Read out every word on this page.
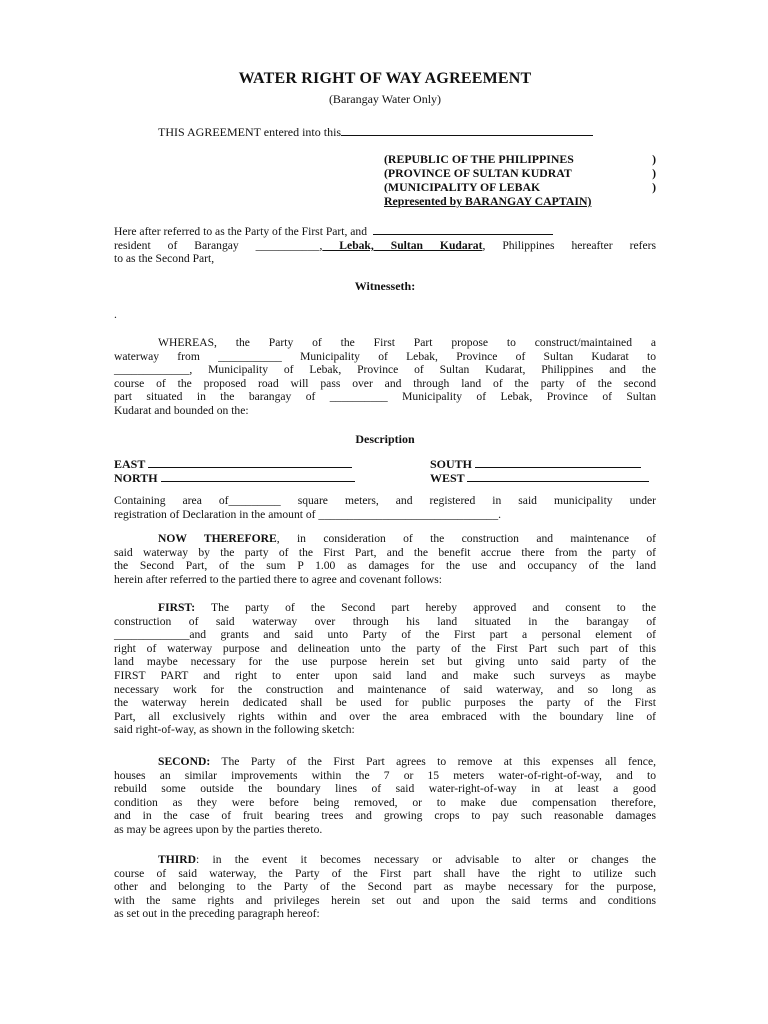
WATER RIGHT OF WAY AGREEMENT
(Barangay Water Only)
THIS AGREEMENT entered into this
(REPUBLIC OF THE PHILIPPINES	)
(PROVINCE OF SULTAN KUDRAT	)
(MUNICIPALITY OF LEBAK	)
Represented by BARANGAY CAPTAIN)
Here after referred to as the Party of the First Part, and
resident of Barangay ___________, Lebak, Sultan Kudarat, Philippines hereafter refers
to as the Second Part,
Witnesseth:
.
WHEREAS, the Party of the First Part propose to construct/maintained a
waterway from ___________ Municipality of Lebak, Province of Sultan Kudarat to
_____________, Municipality of Lebak, Province of Sultan Kudarat, Philippines and the
course of the proposed road will pass over and through land of the party of the second
part situated in the barangay of __________ Municipality of Lebak, Province of Sultan
Kudarat and bounded on the:
Description
EAST	SOUTH
NORTH	WEST
Containing area of_________ square meters, and registered in said municipality under
registration of Declaration in the amount of _______________________________.
NOW THEREFORE, in consideration of the construction and maintenance of
said waterway by the party of the First Part, and the benefit accrue there from the party of
the Second Part, of the sum P 1.00 as damages for the use and occupancy of the land
herein after referred to the partied there to agree and covenant follows:
FIRST: The party of the Second part hereby approved and consent to the
construction of said waterway over through his land situated in the barangay of
_____________and grants and said unto Party of the First part a personal element of
right of waterway purpose and delineation unto the party of the First Part such part of this
land maybe necessary for the use purpose herein set but giving unto said party of the
FIRST PART and right to enter upon said land and make such surveys as maybe
necessary work for the construction and maintenance of said waterway, and so long as
the waterway herein dedicated shall be used for public purposes the party of the First
Part, all exclusively rights within and over the area embraced with the boundary line of
said right-of-way, as shown in the following sketch:
SECOND: The Party of the First Part agrees to remove at this expenses all fence,
houses an similar improvements within the 7 or 15 meters water-of-right-of-way, and to
rebuild some outside the boundary lines of said water-right-of-way in at least a good
condition as they were before being removed, or to make due compensation therefore,
and in the case of fruit bearing trees and growing crops to pay such reasonable damages
as may be agrees upon by the parties thereto.
THIRD: in the event it becomes necessary or advisable to alter or changes the
course of said waterway, the Party of the First part shall have the right to utilize such
other and belonging to the Party of the Second part as maybe necessary for the purpose,
with the same rights and privileges herein set out and upon the said terms and conditions
as set out in the preceding paragraph hereof:
